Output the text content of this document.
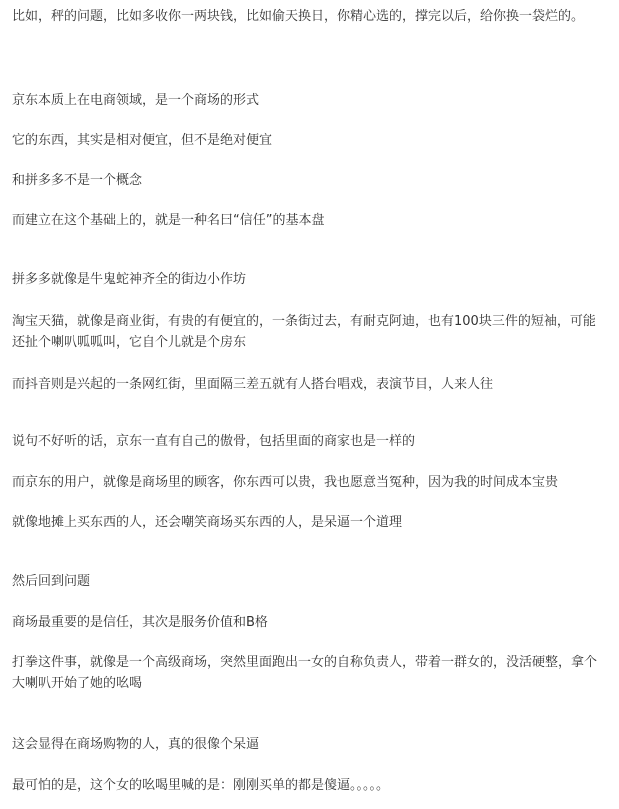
比如，秤的问题，比如多收你一两块钱，比如偷天换日，你精心选的，撑完以后，给你换一袋烂的。

京东本质上在电商领域，是一个商场的形式

它的东西，其实是相对便宜，但不是绝对便宜

和拼多多不是一个概念

而建立在这个基础上的，就是一种名曰“信任”的基本盘

拼多多就像是牛鬼蛇神齐全的街边小作坊

淘宝天猫，就像是商业街，有贵的有便宜的，一条街过去，有耐克阿迪，也有100块三件的短袖，可能还扯个喇叭呱呱叫，它自个儿就是个房东

而抖音则是兴起的一条网红街，里面隔三差五就有人搭台唱戏，表演节目，人来人往

说句不好听的话，京东一直有自己的傲骨，包括里面的商家也是一样的

而京东的用户，就像是商场里的顾客，你东西可以贵，我也愿意当冤种，因为我的时间成本宝贵

就像地摊上买东西的人，还会嘲笑商场买东西的人，是呆逼一个道理

然后回到问题

商场最重要的是信任，其次是服务价值和B格

打拳这件事，就像是一个高级商场，突然里面跑出一女的自称负责人，带着一群女的，没活硬整，拿个大喇叭开始了她的吆喝

这会显得在商场购物的人，真的很像个呆逼

最可怕的是，这个女的吆喝里喊的是：刚刚买单的都是傻逼。。。。。
